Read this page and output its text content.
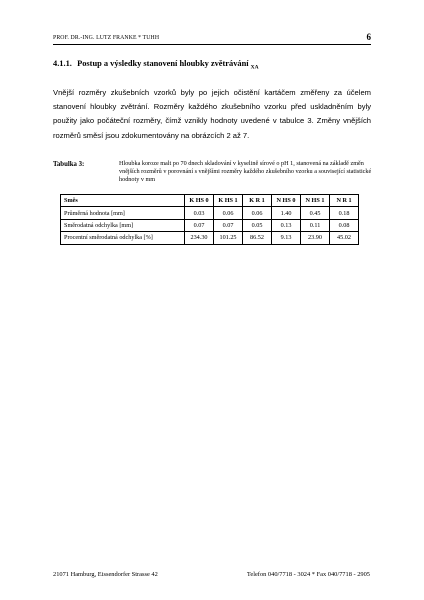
PROF. DR.-ING. LUTZ FRANKE * TUHH	6
4.1.1. Postup a výsledky stanovení hloubky zvětrávání $_{XA}$
Vnější rozměry zkušebních vzorků byly po jejich očistění kartáčem změřeny za účelem stanovení hloubky zvětrání. Rozměry každého zkušebního vzorku před uskladněním byly použity jako počáteční rozměry, čímž vznikly hodnoty uvedené v tabulce 3. Změny vnějších rozměrů směsí jsou zdokumentovány na obrázcích 2 až 7.
Tabulka 3:	Hloubka koroze malt po 70 dnech skladování v kyselině sírové o pH 1, stanovená na základě změn vnějších rozměrů v porovnání s vnějšími rozměry každého zkušebního vzorku a související statistické hodnoty v mm
Směs	K HS 0	K HS 1	K R 1	N HS 0	N HS 1	N R 1
Průměrná hodnota [mm]	0.03	0.06	0.06	1.40	0.45	0.18
Směrodatná odchylka [mm]	0.07	0.07	0.05	0.13	0.11	0.08
Procentní směrodatná odchylka [%]	234.30	101.25	86.52	9.13	23.90	45.02
21071 Hamburg, Eissendorfer Strasse 42	Telefon 040/7718 - 3024 * Fax 040/7718 - 2905
